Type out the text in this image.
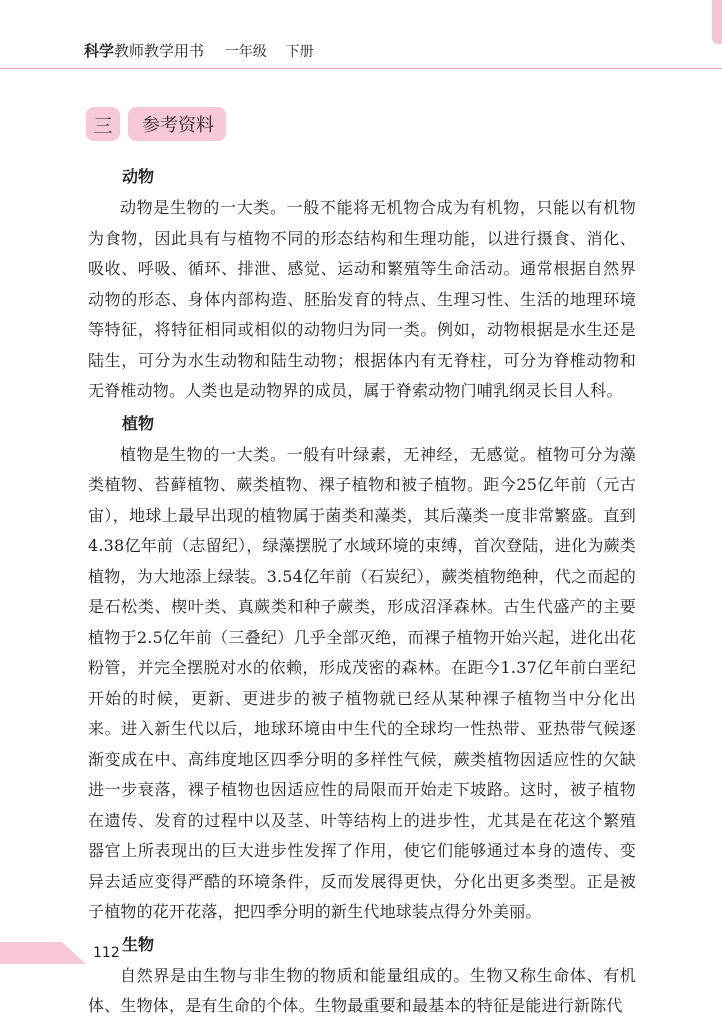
科学教师教学用书 一年级 下册
三	参考资料
动物

动物是生物的一大类。一般不能将无机物合成为有机物，只能以有机物为食物，因此具有与植物不同的形态结构和生理功能，以进行摄食、消化、吸收、呼吸、循环、排泄、感觉、运动和繁殖等生命活动。通常根据自然界动物的形态、身体内部构造、胚胎发育的特点、生理习性、生活的地理环境等特征，将特征相同或相似的动物归为同一类。例如，动物根据是水生还是陆生，可分为水生动物和陆生动物；根据体内有无脊柱，可分为脊椎动物和无脊椎动物。人类也是动物界的成员，属于脊索动物门哺乳纲灵长目人科。

植物

植物是生物的一大类。一般有叶绿素，无神经，无感觉。植物可分为藻类植物、苔藓植物、蕨类植物、裸子植物和被子植物。距今25亿年前（元古宙），地球上最早出现的植物属于菌类和藻类，其后藻类一度非常繁盛。直到4.38亿年前（志留纪），绿藻摆脱了水域环境的束缚，首次登陆，进化为蕨类植物，为大地添上绿装。3.54亿年前（石炭纪），蕨类植物绝种，代之而起的是石松类、楔叶类、真蕨类和种子蕨类，形成沼泽森林。古生代盛产的主要植物于2.5亿年前（三叠纪）几乎全部灭绝，而裸子植物开始兴起，进化出花粉管，并完全摆脱对水的依赖，形成茂密的森林。在距今1.37亿年前白垩纪开始的时候，更新、更进步的被子植物就已经从某种裸子植物当中分化出来。进入新生代以后，地球环境由中生代的全球均一性热带、亚热带气候逐渐变成在中、高纬度地区四季分明的多样性气候，蕨类植物因适应性的欠缺进一步衰落，裸子植物也因适应性的局限而开始走下坡路。这时，被子植物在遗传、发育的过程中以及茎、叶等结构上的进步性，尤其是在花这个繁殖器官上所表现出的巨大进步性发挥了作用，使它们能够通过本身的遗传、变异去适应变得严酷的环境条件，反而发展得更快，分化出更多类型。正是被子植物的花开花落，把四季分明的新生代地球装点得分外美丽。

生物

自然界是由生物与非生物的物质和能量组成的。生物又称生命体、有机体、生物体，是有生命的个体。生物最重要和最基本的特征是能进行新陈代

112
